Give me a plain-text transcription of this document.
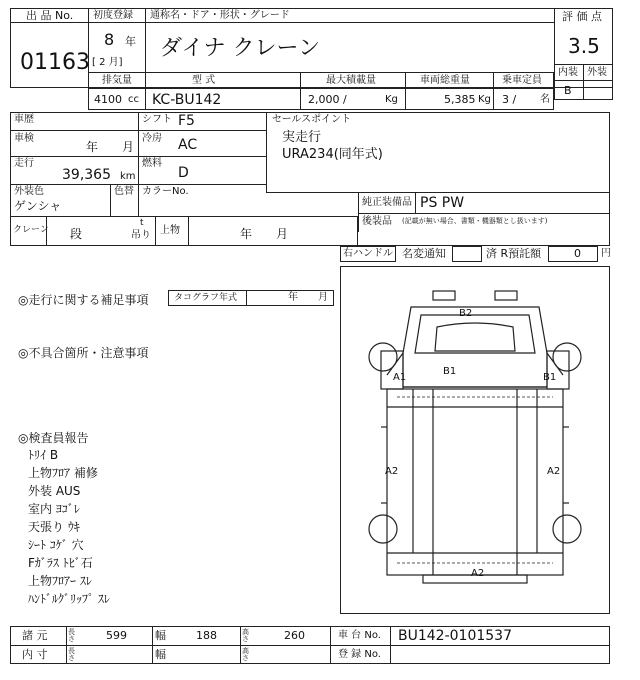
出 品 No.
01163
初度登録
8 年
[ 2 月]
通称名・ドア・形状・グレード
ダイナ クレーン
評 価 点
3.5
内装 外装
B
排気量
4100 cc
型 式
KC-BU142
最大積載量
2,000 /	Kg
車両総重量
5,385 Kg
乗車定員
3 / 名
車歴	シフト F5
車検
年 月
冷房 AC
走行
39,365 km
燃料
D
外装色
ゲンシャ
色替 カラーNo.
セールスポイント
実走行
URA234(同年式)
純正装備品 PS PW
後装品 (記載が無い場合、書類・機器類とし扱います)
クレーン 段
t
吊り 上物	年 月
右ハンドル 名変通知	済 R預託額	0 円
◎走行に関する補足事項	タコグラフ年式	年 月
◎不具合箇所・注意事項
◎検査員報告
ﾄﾘｲ B
上物ﾌﾛｱ 補修
外装 AUS
室内 ﾖｺﾞﾚ
天張り ｳｷ
ｼｰﾄ ｺｹﾞ 穴
Fｶﾞﾗｽ ﾄﾋﾞ石
上物ﾌﾛｱｰ ｽﾚ
ﾊﾝﾄﾞﾙｸﾞﾘｯﾌﾟ ｽﾚ
B2
A1
B1
B1
A2	A2
A2
諸 元	長さ	599	幅	188	高さ	260	車 台 No. BU142-0101537
内 寸	長さ	幅	高さ	登 録 No.
